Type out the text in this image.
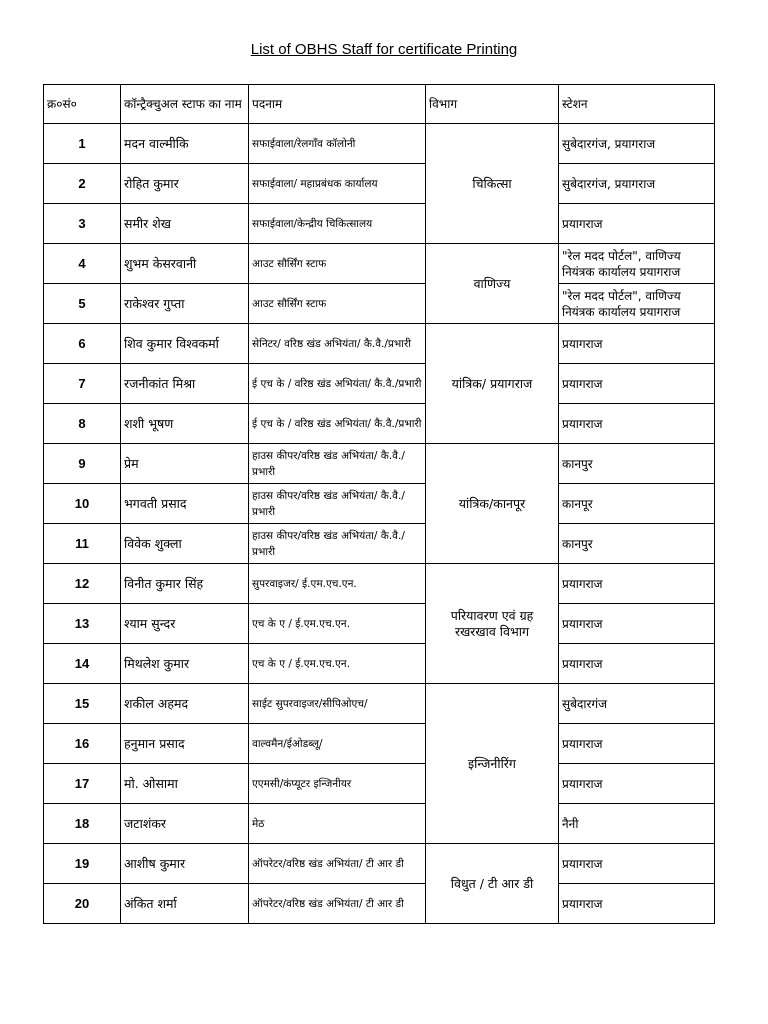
List of OBHS Staff for certificate Printing
क्र०सं०	कॉन्ट्रैक्चुअल स्टाफ का नाम	पदनाम	विभाग	स्टेशन
1	मदन वाल्मीकि	सफाईवाला/रेलगाँव कॉलोनी	चिकित्सा	सुबेदारगंज, प्रयागराज
2	रोहित कुमार	सफाईवाला/ महाप्रबंधक कार्यालय		सुबेदारगंज, प्रयागराज
3	समीर शेख	सफाईवाला/केन्द्रीय चिकित्सालय		प्रयागराज
4	शुभम केसरवानी	आउट सौर्सिंग स्टाफ	वाणिज्य	"रेल मदद पोर्टल", वाणिज्य नियंत्रक कार्यालय प्रयागराज
5	राकेश्वर गुप्ता	आउट सौर्सिंग स्टाफ		"रेल मदद पोर्टल", वाणिज्य नियंत्रक कार्यालय प्रयागराज
6	शिव कुमार विश्वकर्मा	सेनिटर/ वरिष्ठ खंड अभियंता/ कै.वै./प्रभारी	यांत्रिक/ प्रयागराज	प्रयागराज
7	रजनीकांत मिश्रा	ई एच के / वरिष्ठ खंड अभियंता/ कै.वै./प्रभारी		प्रयागराज
8	शशी भूषण	ई एच के / वरिष्ठ खंड अभियंता/ कै.वै./प्रभारी		प्रयागराज
9	प्रेम	हाउस कीपर/वरिष्ठ खंड अभियंता/ कै.वै./प्रभारी	यांत्रिक/कानपूर	कानपुर
10	भगवती प्रसाद	हाउस कीपर/वरिष्ठ खंड अभियंता/ कै.वै./प्रभारी		कानपूर
11	विवेक शुक्ला	हाउस कीपर/वरिष्ठ खंड अभियंता/ कै.वै./प्रभारी		कानपुर
12	विनीत कुमार सिंह	सुपरवाइजर/ ई.एम.एच.एन.	परियावरण एवं ग्रह रखरखाव विभाग	प्रयागराज
13	श्याम सुन्दर	एच के ए / ई.एम.एच.एन.		प्रयागराज
14	मिथलेश कुमार	एच के ए / ई.एम.एच.एन.		प्रयागराज
15	शकील अहमद	साईट सुपरवाइजर/सीपिओएच/	इन्जिनीरिंग	सुबेदारगंज
16	हनुमान प्रसाद	वाल्वमैन/ईओडब्लू/		प्रयागराज
17	मो. ओसामा	एएमसी/कंप्यूटर इन्जिनीयर		प्रयागराज
18	जटाशंकर	मेठ		नैनी
19	आशीष कुमार	ऑपरेटर/वरिष्ठ खंड अभियंता/ टी आर डी	विधुत / टी आर डी	प्रयागराज
20	अंकित शर्मा	ऑपरेटर/वरिष्ठ खंड अभियंता/ टी आर डी		प्रयागराज
